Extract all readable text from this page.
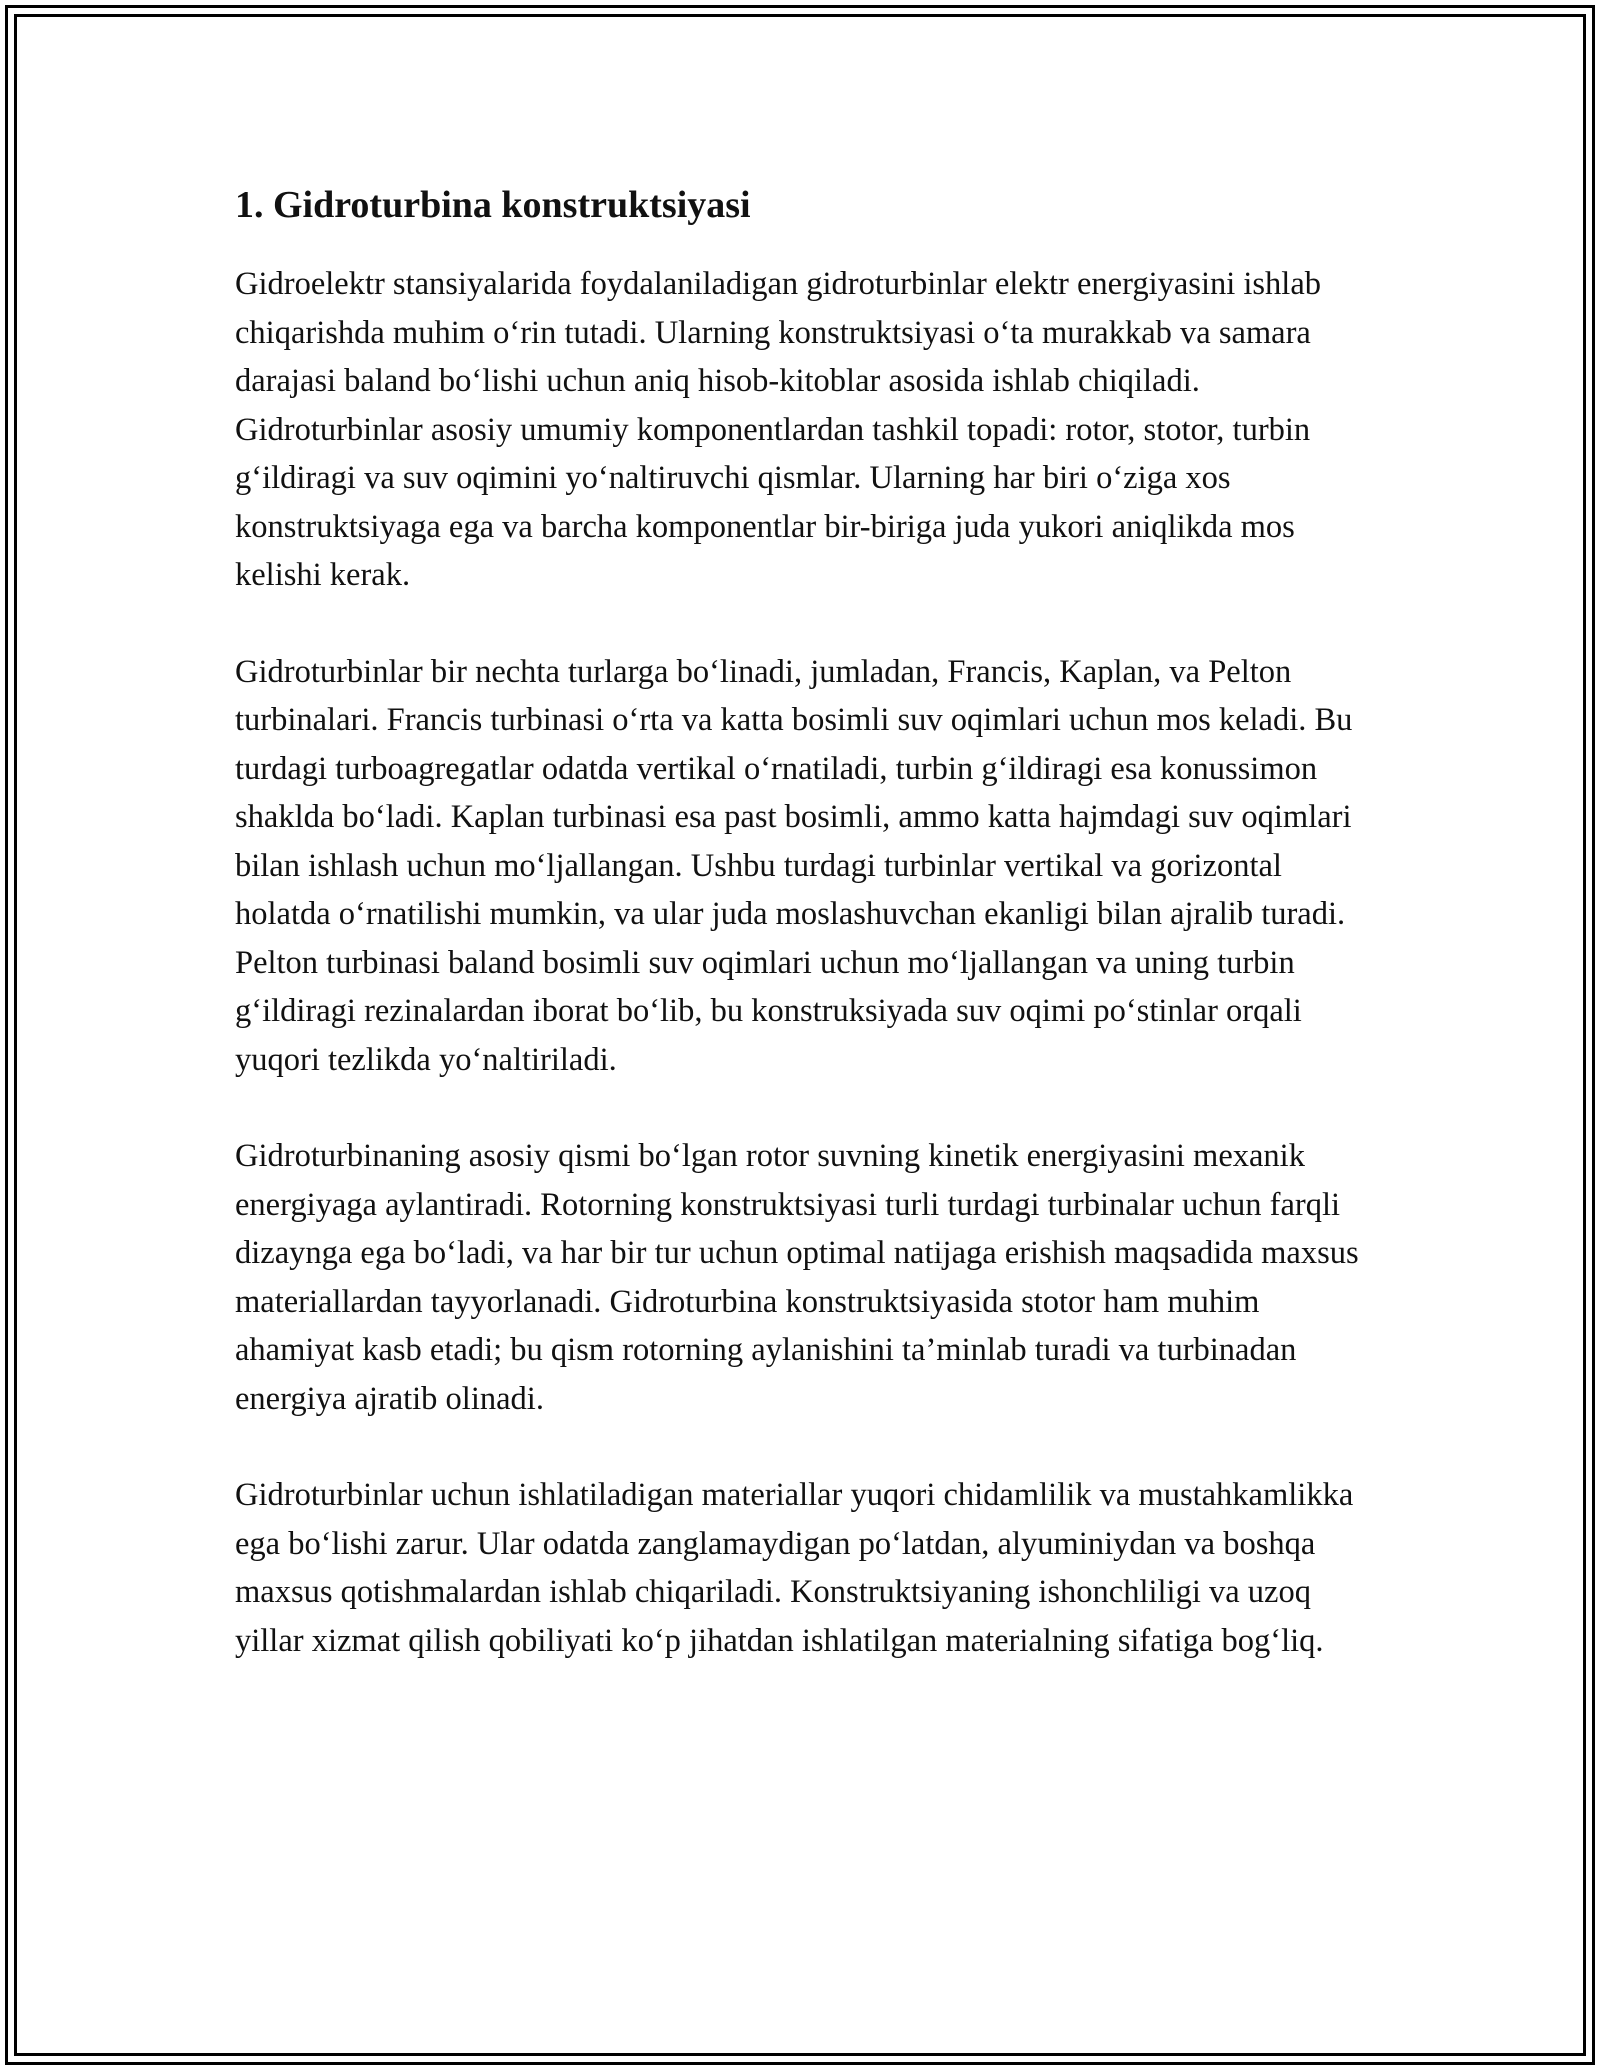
1. Gidroturbina konstruktsiyasi

Gidroelektr stansiyalarida foydalaniladigan gidroturbinlar elektr energiyasini ishlab chiqarishda muhim o‘rin tutadi. Ularning konstruktsiyasi o‘ta murakkab va samara darajasi baland bo‘lishi uchun aniq hisob-kitoblar asosida ishlab chiqiladi. Gidroturbinlar asosiy umumiy komponentlardan tashkil topadi: rotor, stotor, turbin g‘ildiragi va suv oqimini yo‘naltiruvchi qismlar. Ularning har biri o‘ziga xos konstruktsiyaga ega va barcha komponentlar bir-biriga juda yukori aniqlikda mos kelishi kerak.

Gidroturbinlar bir nechta turlarga bo‘linadi, jumladan, Francis, Kaplan, va Pelton turbinalari. Francis turbinasi o‘rta va katta bosimli suv oqimlari uchun mos keladi. Bu turdagi turboagregatlar odatda vertikal o‘rnatiladi, turbin g‘ildiragi esa konussimon shaklda bo‘ladi. Kaplan turbinasi esa past bosimli, ammo katta hajmdagi suv oqimlari bilan ishlash uchun mo‘ljallangan. Ushbu turdagi turbinlar vertikal va gorizontal holatda o‘rnatilishi mumkin, va ular juda moslashuvchan ekanligi bilan ajralib turadi. Pelton turbinasi baland bosimli suv oqimlari uchun mo‘ljallangan va uning turbin g‘ildiragi rezinalardan iborat bo‘lib, bu konstruksiyada suv oqimi po‘stinlar orqali yuqori tezlikda yo‘naltiriladi.

Gidroturbinaning asosiy qismi bo‘lgan rotor suvning kinetik energiyasini mexanik energiyaga aylantiradi. Rotorning konstruktsiyasi turli turdagi turbinalar uchun farqli dizaynga ega bo‘ladi, va har bir tur uchun optimal natijaga erishish maqsadida maxsus materiallardan tayyorlanadi. Gidroturbina konstruktsiyasida stotor ham muhim ahamiyat kasb etadi; bu qism rotorning aylanishini ta’minlab turadi va turbinadan energiya ajratib olinadi.

Gidroturbinlar uchun ishlatiladigan materiallar yuqori chidamlilik va mustahkamlikka ega bo‘lishi zarur. Ular odatda zanglamaydigan po‘latdan, alyuminiydan va boshqa maxsus qotishmalardan ishlab chiqariladi. Konstruktsiyaning ishonchliligi va uzoq yillar xizmat qilish qobiliyati ko‘p jihatdan ishlatilgan materialning sifatiga bog‘liq.
